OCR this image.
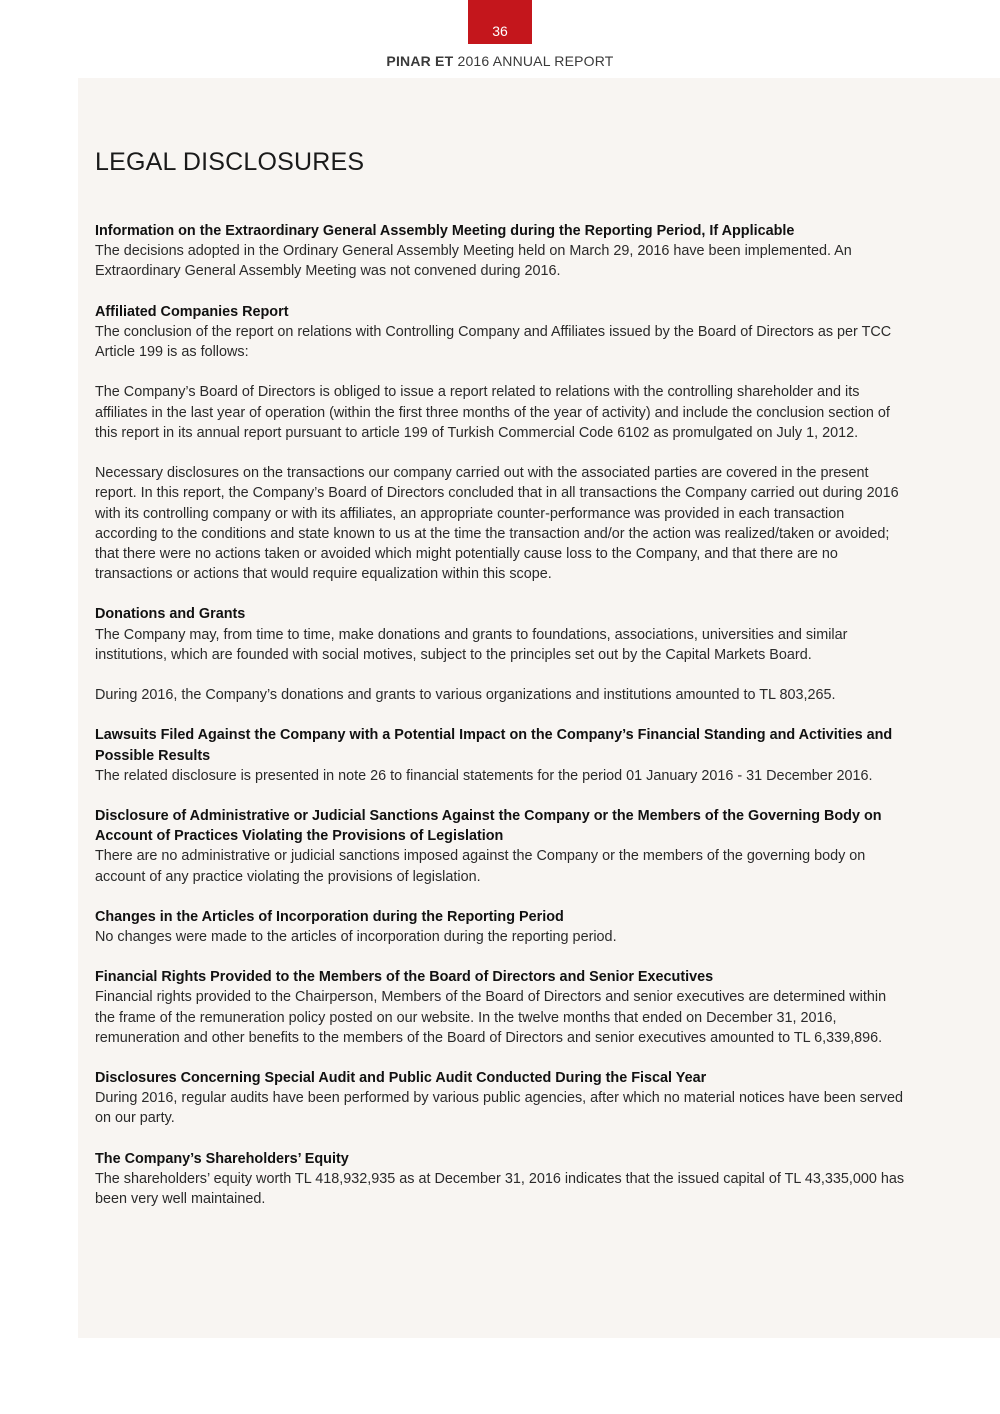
36
PINAR ET 2016 ANNUAL REPORT
LEGAL DISCLOSURES
Information on the Extraordinary General Assembly Meeting during the Reporting Period, If Applicable

The decisions adopted in the Ordinary General Assembly Meeting held on March 29, 2016 have been implemented. An Extraordinary General Assembly Meeting was not convened during 2016.

Affiliated Companies Report

The conclusion of the report on relations with Controlling Company and Affiliates issued by the Board of Directors as per TCC Article 199 is as follows:

The Company’s Board of Directors is obliged to issue a report related to relations with the controlling shareholder and its affiliates in the last year of operation (within the first three months of the year of activity) and include the conclusion section of this report in its annual report pursuant to article 199 of Turkish Commercial Code 6102 as promulgated on July 1, 2012.

Necessary disclosures on the transactions our company carried out with the associated parties are covered in the present report. In this report, the Company’s Board of Directors concluded that in all transactions the Company carried out during 2016 with its controlling company or with its affiliates, an appropriate counter-performance was provided in each transaction according to the conditions and state known to us at the time the transaction and/or the action was realized/taken or avoided; that there were no actions taken or avoided which might potentially cause loss to the Company, and that there are no transactions or actions that would require equalization within this scope.

Donations and Grants

The Company may, from time to time, make donations and grants to foundations, associations, universities and similar institutions, which are founded with social motives, subject to the principles set out by the Capital Markets Board.

During 2016, the Company’s donations and grants to various organizations and institutions amounted to TL 803,265.

Lawsuits Filed Against the Company with a Potential Impact on the Company’s Financial Standing and Activities and Possible Results

The related disclosure is presented in note 26 to financial statements for the period 01 January 2016 - 31 December 2016.

Disclosure of Administrative or Judicial Sanctions Against the Company or the Members of the Governing Body on Account of Practices Violating the Provisions of Legislation

There are no administrative or judicial sanctions imposed against the Company or the members of the governing body on account of any practice violating the provisions of legislation.

Changes in the Articles of Incorporation during the Reporting Period

No changes were made to the articles of incorporation during the reporting period.

Financial Rights Provided to the Members of the Board of Directors and Senior Executives

Financial rights provided to the Chairperson, Members of the Board of Directors and senior executives are determined within the frame of the remuneration policy posted on our website. In the twelve months that ended on December 31, 2016, remuneration and other benefits to the members of the Board of Directors and senior executives amounted to TL 6,339,896.

Disclosures Concerning Special Audit and Public Audit Conducted During the Fiscal Year

During 2016, regular audits have been performed by various public agencies, after which no material notices have been served on our party.

The Company’s Shareholders’ Equity

The shareholders’ equity worth TL 418,932,935 as at December 31, 2016 indicates that the issued capital of TL 43,335,000 has been very well maintained.
